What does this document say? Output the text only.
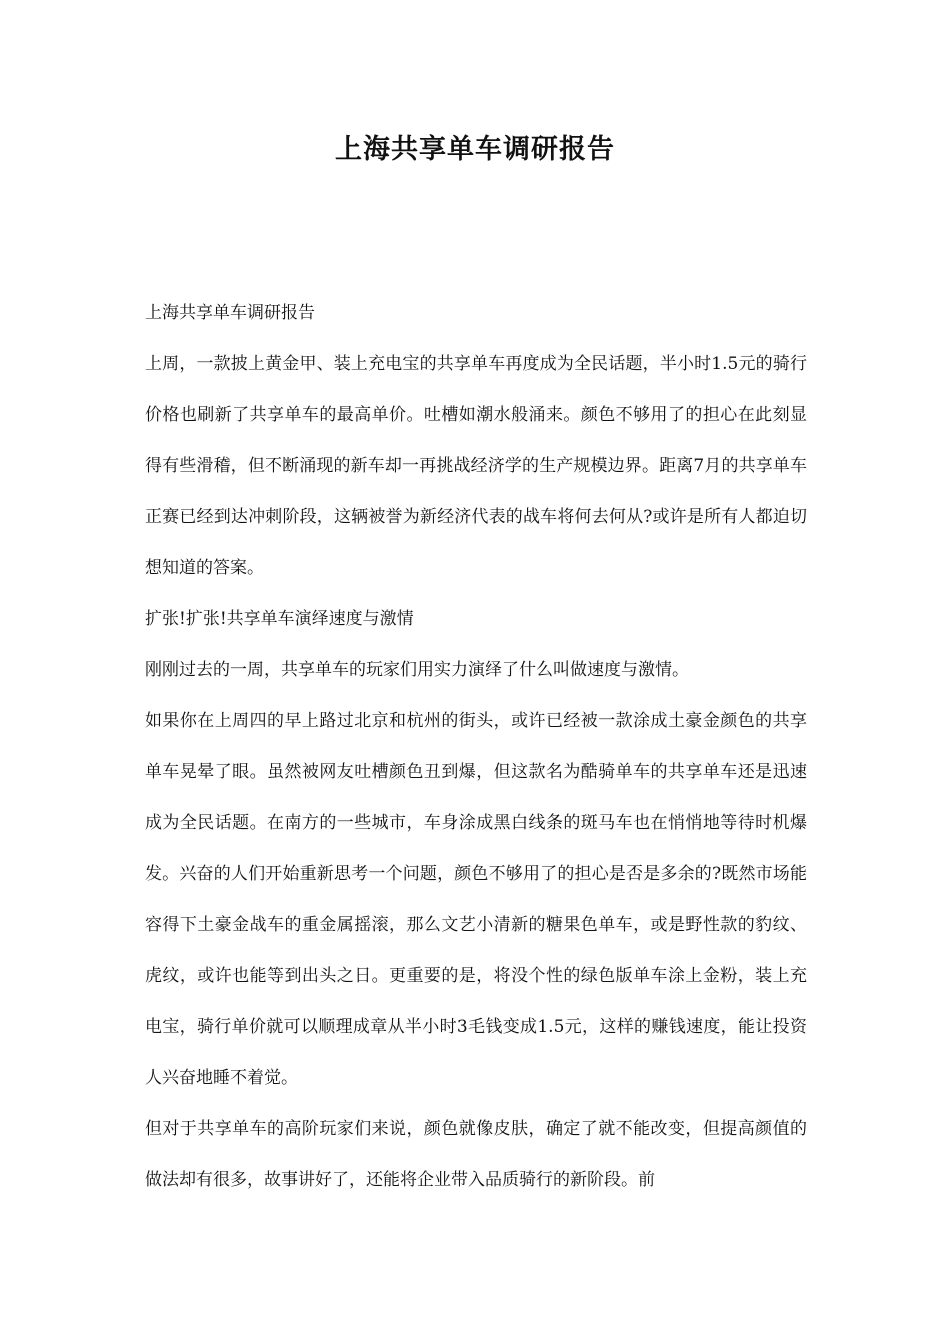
上海共享单车调研报告

上海共享单车调研报告

上周，一款披上黄金甲、装上充电宝的共享单车再度成为全民话题，半小时1.5元的骑行价格也刷新了共享单车的最高单价。吐槽如潮水般涌来。颜色不够用了的担心在此刻显得有些滑稽，但不断涌现的新车却一再挑战经济学的生产规模边界。距离7月的共享单车正赛已经到达冲刺阶段，这辆被誉为新经济代表的战车将何去何从?或许是所有人都迫切想知道的答案。

扩张!扩张!共享单车演绎速度与激情

刚刚过去的一周，共享单车的玩家们用实力演绎了什么叫做速度与激情。

如果你在上周四的早上路过北京和杭州的街头，或许已经被一款涂成土豪金颜色的共享单车晃晕了眼。虽然被网友吐槽颜色丑到爆，但这款名为酷骑单车的共享单车还是迅速成为全民话题。在南方的一些城市，车身涂成黑白线条的斑马车也在悄悄地等待时机爆发。兴奋的人们开始重新思考一个问题，颜色不够用了的担心是否是多余的?既然市场能容得下土豪金战车的重金属摇滚，那么文艺小清新的糖果色单车，或是野性款的豹纹、虎纹，或许也能等到出头之日。更重要的是，将没个性的绿色版单车涂上金粉，装上充电宝，骑行单价就可以顺理成章从半小时3毛钱变成1.5元，这样的赚钱速度，能让投资人兴奋地睡不着觉。

但对于共享单车的高阶玩家们来说，颜色就像皮肤，确定了就不能改变，但提高颜值的做法却有很多，故事讲好了，还能将企业带入品质骑行的新阶段。前
